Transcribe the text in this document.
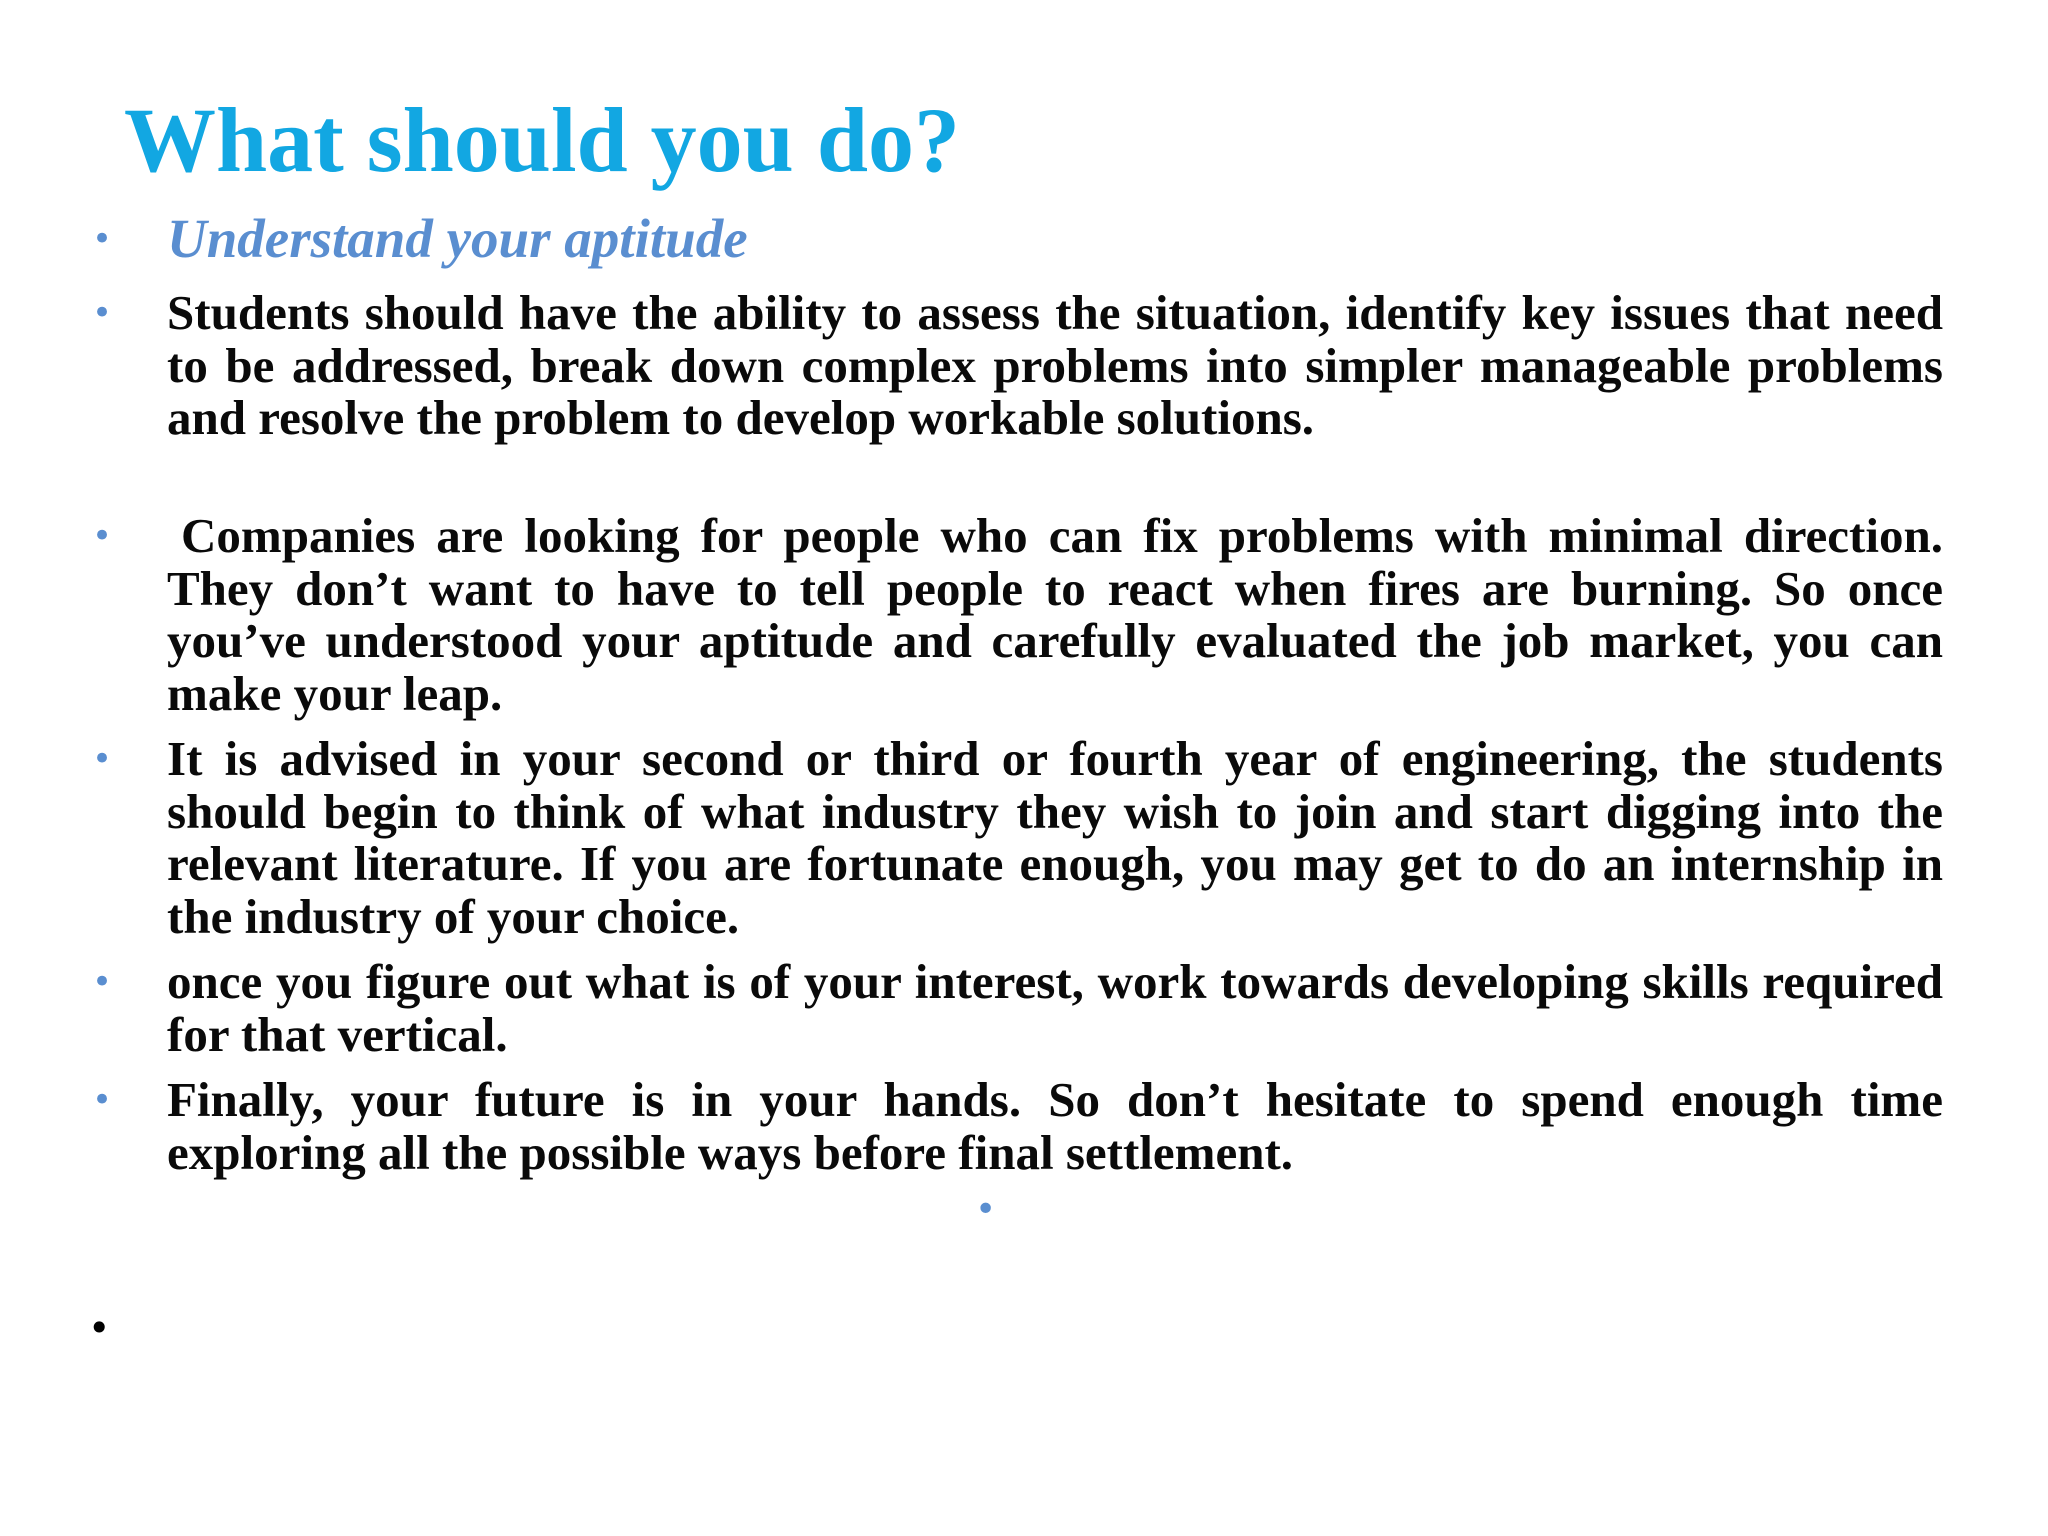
What should you do?
• Understand your aptitude
• Students should have the ability to assess the situation, identify key issues that need to be addressed, break down complex problems into simpler manageable problems and resolve the problem to develop workable solutions.
• Companies are looking for people who can fix problems with minimal direction. They don’t want to have to tell people to react when fires are burning. So once you’ve understood your aptitude and carefully evaluated the job market, you can make your leap.
• It is advised in your second or third or fourth year of engineering, the students should begin to think of what industry they wish to join and start digging into the relevant literature. If you are fortunate enough, you may get to do an internship in the industry of your choice.
• once you figure out what is of your interest, work towards developing skills required for that vertical.
• Finally, your future is in your hands. So don’t hesitate to spend enough time exploring all the possible ways before final settlement.
•
•
